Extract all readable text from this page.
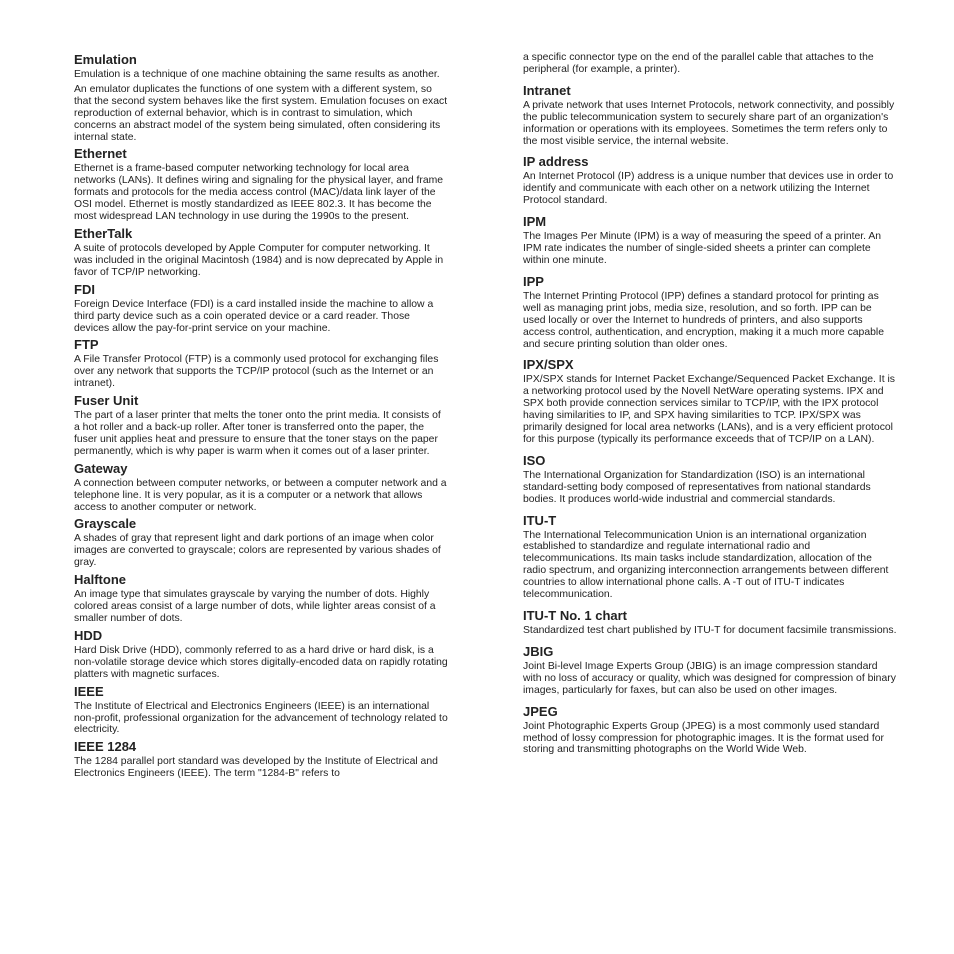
Emulation

Emulation is a technique of one machine obtaining the same results as another.

An emulator duplicates the functions of one system with a different system, so that the second system behaves like the first system. Emulation focuses on exact reproduction of external behavior, which is in contrast to simulation, which concerns an abstract model of the system being simulated, often considering its internal state.

Ethernet

Ethernet is a frame-based computer networking technology for local area networks (LANs). It defines wiring and signaling for the physical layer, and frame formats and protocols for the media access control (MAC)/data link layer of the OSI model. Ethernet is mostly standardized as IEEE 802.3. It has become the most widespread LAN technology in use during the 1990s to the present.

EtherTalk

A suite of protocols developed by Apple Computer for computer networking. It was included in the original Macintosh (1984) and is now deprecated by Apple in favor of TCP/IP networking.

FDI

Foreign Device Interface (FDI) is a card installed inside the machine to allow a third party device such as a coin operated device or a card reader. Those devices allow the pay-for-print service on your machine.

FTP

A File Transfer Protocol (FTP) is a commonly used protocol for exchanging files over any network that supports the TCP/IP protocol (such as the Internet or an intranet).

Fuser Unit

The part of a laser printer that melts the toner onto the print media. It consists of a hot roller and a back-up roller. After toner is transferred onto the paper, the fuser unit applies heat and pressure to ensure that the toner stays on the paper permanently, which is why paper is warm when it comes out of a laser printer.

Gateway

A connection between computer networks, or between a computer network and a telephone line. It is very popular, as it is a computer or a network that allows access to another computer or network.

Grayscale

A shades of gray that represent light and dark portions of an image when color images are converted to grayscale; colors are represented by various shades of gray.

Halftone

An image type that simulates grayscale by varying the number of dots. Highly colored areas consist of a large number of dots, while lighter areas consist of a smaller number of dots.

HDD

Hard Disk Drive (HDD), commonly referred to as a hard drive or hard disk, is a non-volatile storage device which stores digitally-encoded data on rapidly rotating platters with magnetic surfaces.

IEEE

The Institute of Electrical and Electronics Engineers (IEEE) is an international non-profit, professional organization for the advancement of technology related to electricity.

IEEE 1284

The 1284 parallel port standard was developed by the Institute of Electrical and Electronics Engineers (IEEE). The term "1284-B" refers to

a specific connector type on the end of the parallel cable that attaches to the peripheral (for example, a printer).

Intranet

A private network that uses Internet Protocols, network connectivity, and possibly the public telecommunication system to securely share part of an organization's information or operations with its employees. Sometimes the term refers only to the most visible service, the internal website.

IP address

An Internet Protocol (IP) address is a unique number that devices use in order to identify and communicate with each other on a network utilizing the Internet Protocol standard.

IPM

The Images Per Minute (IPM) is a way of measuring the speed of a printer. An IPM rate indicates the number of single-sided sheets a printer can complete within one minute.

IPP

The Internet Printing Protocol (IPP) defines a standard protocol for printing as well as managing print jobs, media size, resolution, and so forth. IPP can be used locally or over the Internet to hundreds of printers, and also supports access control, authentication, and encryption, making it a much more capable and secure printing solution than older ones.

IPX/SPX

IPX/SPX stands for Internet Packet Exchange/Sequenced Packet Exchange. It is a networking protocol used by the Novell NetWare operating systems. IPX and SPX both provide connection services similar to TCP/IP, with the IPX protocol having similarities to IP, and SPX having similarities to TCP. IPX/SPX was primarily designed for local area networks (LANs), and is a very efficient protocol for this purpose (typically its performance exceeds that of TCP/IP on a LAN).

ISO

The International Organization for Standardization (ISO) is an international standard-setting body composed of representatives from national standards bodies. It produces world-wide industrial and commercial standards.

ITU-T

The International Telecommunication Union is an international organization established to standardize and regulate international radio and telecommunications. Its main tasks include standardization, allocation of the radio spectrum, and organizing interconnection arrangements between different countries to allow international phone calls. A -T out of ITU-T indicates telecommunication.

ITU-T No. 1 chart

Standardized test chart published by ITU-T for document facsimile transmissions.

JBIG

Joint Bi-level Image Experts Group (JBIG) is an image compression standard with no loss of accuracy or quality, which was designed for compression of binary images, particularly for faxes, but can also be used on other images.

JPEG

Joint Photographic Experts Group (JPEG) is a most commonly used standard method of lossy compression for photographic images. It is the format used for storing and transmitting photographs on the World Wide Web.
